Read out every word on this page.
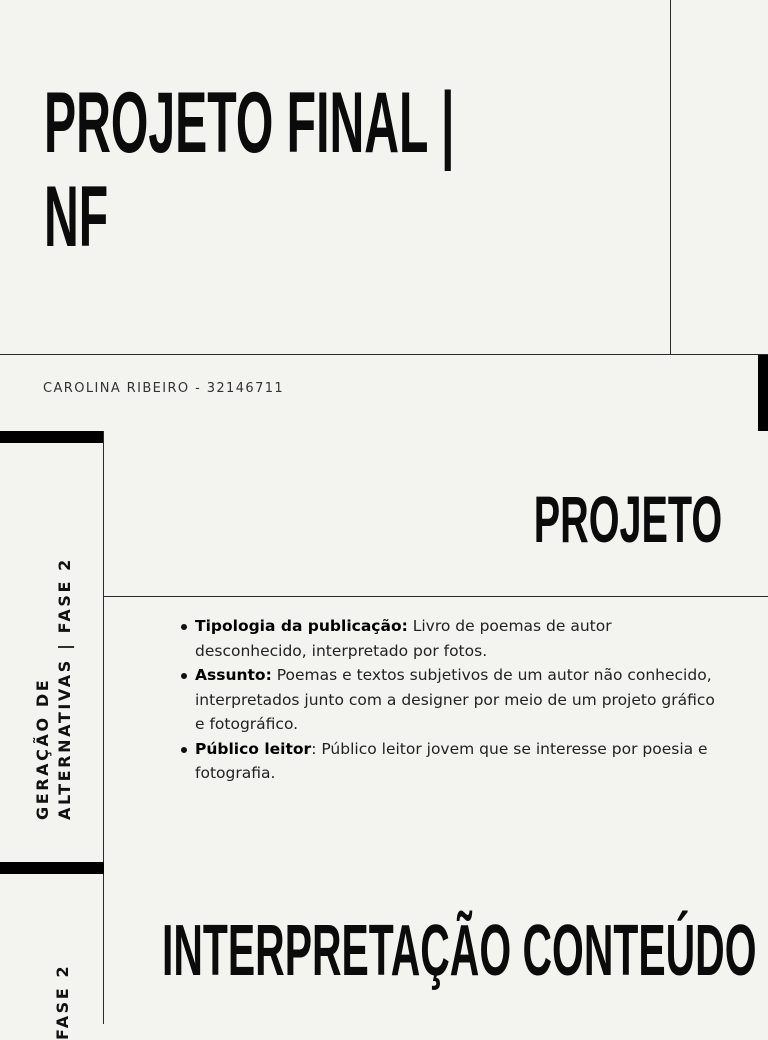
PROJETO FINAL |
NF
CAROLINA RIBEIRO - 32146711
GERAÇÃO DE ALTERNATIVAS | FASE 2
FASE 2
PROJETO
Tipologia da publicação: Livro de poemas de autor desconhecido, interpretado por fotos.
Assunto: Poemas e textos subjetivos de um autor não conhecido, interpretados junto com a designer por meio de um projeto gráfico e fotográfico.
Público leitor: Público leitor jovem que se interesse por poesia e fotografia.
INTERPRETAÇÃO CONTEÚDO
